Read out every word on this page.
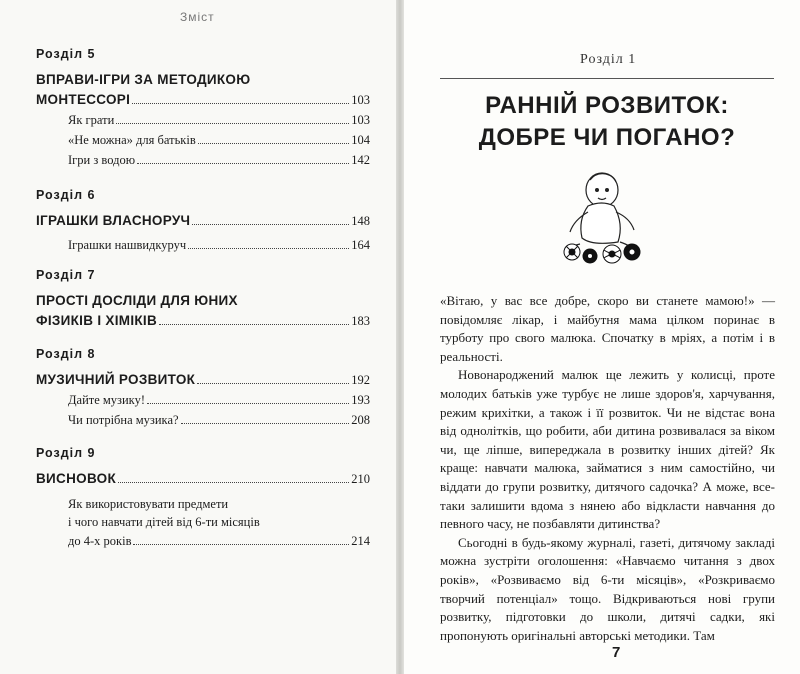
Зміст
Розділ 5
ВПРАВИ-ІГРИ ЗА МЕТОДИКОЮ
МОНТЕССОРІ	103
Як грати	103
«Не можна» для батьків	104
Ігри з водою	142
Розділ 6
ІГРАШКИ ВЛАСНОРУЧ	148
Іграшки нашвидкуруч	164
Розділ 7
ПРОСТІ ДОСЛІДИ ДЛЯ ЮНИХ
ФІЗИКІВ І ХІМІКІВ	183
Розділ 8
МУЗИЧНИЙ РОЗВИТОК	192
Дайте музику!	193
Чи потрібна музика?	208
Розділ 9
ВИСНОВОК	210
Як використовувати предмети
і чого навчати дітей від 6-ти місяців
до 4-х років	214
Розділ 1
РАННІЙ РОЗВИТОК:
ДОБРЕ ЧИ ПОГАНО?

«Вітаю, у вас все добре, скоро ви станете мамою!» — повідомляє лікар, і майбутня мама цілком поринає в турботу про свого малюка. Спочатку в мріях, а потім і в реальності.

Новонароджений малюк ще лежить у колисці, проте молодих батьків уже турбує не лише здоров'я, харчування, режим крихітки, а також і її розвиток. Чи не відстає вона від однолітків, що робити, аби дитина розвивалася за віком чи, ще ліпше, випереджала в розвитку інших дітей? Як краще: навчати малюка, займатися з ним самостійно, чи віддати до групи розвитку, дитячого садочка? А може, все-таки залишити вдома з нянею або відкласти навчання до певного часу, не позбавляти дитинства?

Сьогодні в будь-якому журналі, газеті, дитячому закладі можна зустріти оголошення: «Навчаємо читання з двох років», «Розвиваємо від 6-ти місяців», «Розкриваємо творчий потенціал» тощо. Відкриваються нові групи розвитку, підготовки до школи, дитячі садки, які пропонують оригінальні авторські методики. Там

7
